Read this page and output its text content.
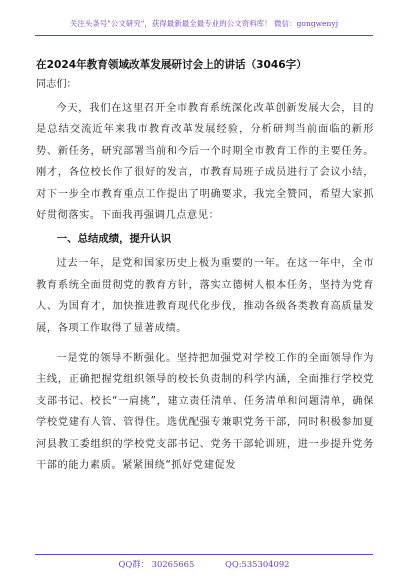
关注头条号"公文研究"，获得最新最全最专业的公文资料库！ 微信：gongwenyj
在2024年教育领域改革发展研讨会上的讲话（3046字）
同志们：

今天，我们在这里召开全市教育系统深化改革创新发展大会，目的是总结交流近年来我市教育改革发展经验，分析研判当前面临的新形势、新任务，研究部署当前和今后一个时期全市教育工作的主要任务。刚才，各位校长作了很好的发言，市教育局班子成员进行了会议小结，对下一步全市教育重点工作提出了明确要求，我完全赞同，希望大家抓好贯彻落实。下面我再强调几点意见：

一、总结成绩，提升认识

过去一年，是党和国家历史上极为重要的一年。在这一年中，全市教育系统全面贯彻党的教育方针，落实立德树人根本任务，坚持为党育人、为国育才，加快推进教育现代化步伐，推动各级各类教育高质量发展，各项工作取得了显著成绩。

一是党的领导不断强化。坚持把加强党对学校工作的全面领导作为主线，正确把握党组织领导的校长负责制的科学内涵，全面推行学校党支部书记、校长“一肩挑”，建立责任清单、任务清单和问题清单，确保学校党建有人管、管得住。选优配强专兼职党务干部，同时积极参加夏河县教工委组织的学校党支部书记、党务干部轮训班，进一步提升党务干部的能力素质。紧紧围绕“抓好党建促发

QQ群： 30265665	QQ:535304092
